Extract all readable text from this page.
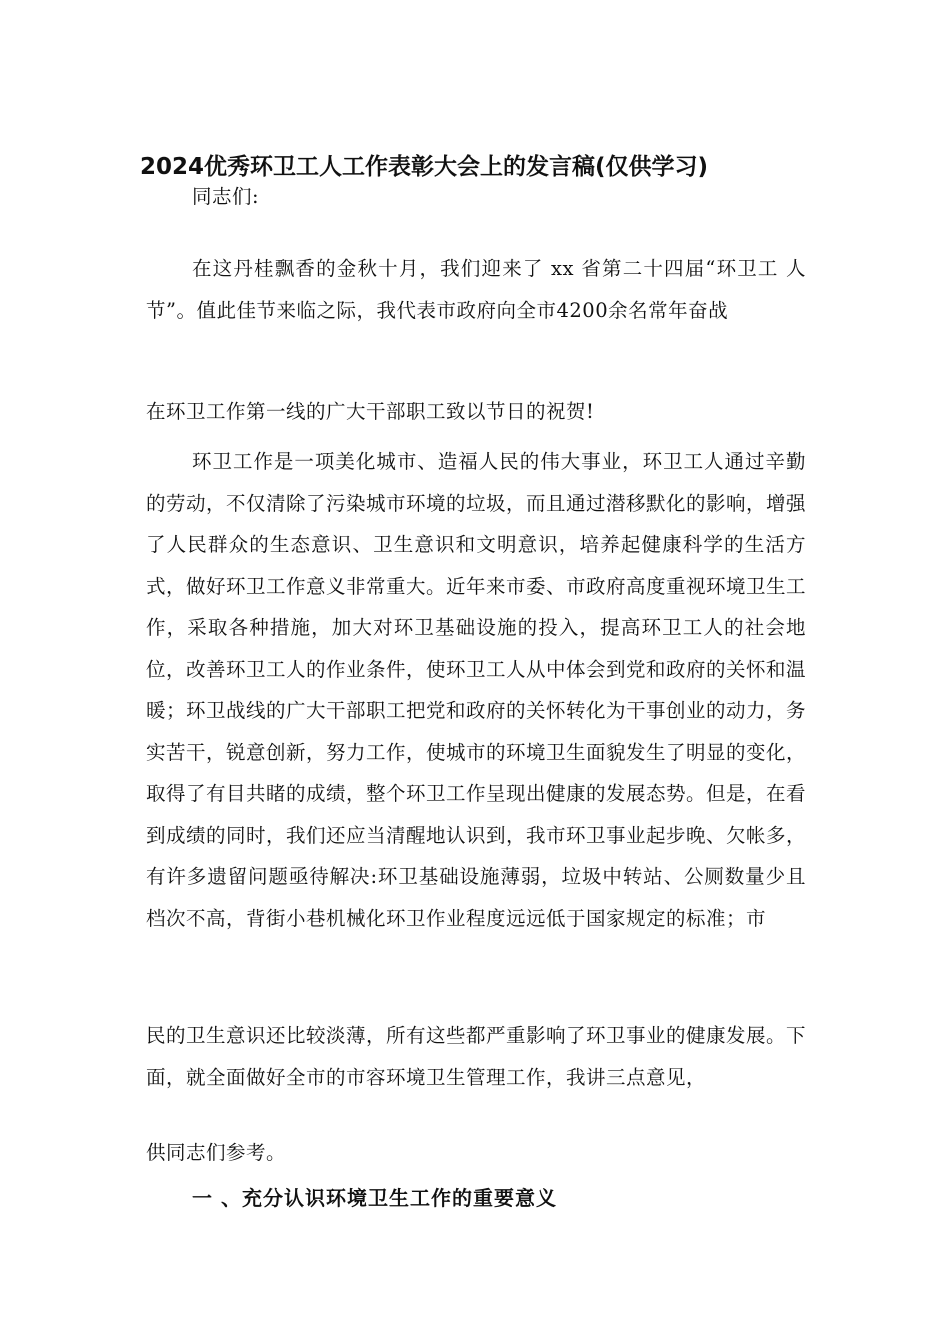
2024优秀环卫工人工作表彰大会上的发言稿(仅供学习)
同志们:
在这丹桂飘香的金秋十月，我们迎来了 xx 省第二十四届“环卫工 人节”。值此佳节来临之际，我代表市政府向全市4200余名常年奋战
在环卫工作第一线的广大干部职工致以节日的祝贺!
环卫工作是一项美化城市、造福人民的伟大事业，环卫工人通过辛勤的劳动，不仅清除了污染城市环境的垃圾，而且通过潜移默化的影响，增强了人民群众的生态意识、卫生意识和文明意识，培养起健康科学的生活方式，做好环卫工作意义非常重大。近年来市委、市政府高度重视环境卫生工作，采取各种措施，加大对环卫基础设施的投入，提高环卫工人的社会地位，改善环卫工人的作业条件，使环卫工人从中体会到党和政府的关怀和温暖；环卫战线的广大干部职工把党和政府的关怀转化为干事创业的动力，务实苦干，锐意创新，努力工作，使城市的环境卫生面貌发生了明显的变化，取得了有目共睹的成绩，整个环卫工作呈现出健康的发展态势。但是，在看到成绩的同时，我们还应当清醒地认识到，我市环卫事业起步晚、欠帐多，有许多遗留问题亟待解决:环卫基础设施薄弱，垃圾中转站、公厕数量少且档次不高，背街小巷机械化环卫作业程度远远低于国家规定的标准；市
民的卫生意识还比较淡薄，所有这些都严重影响了环卫事业的健康发展。下面，就全面做好全市的市容环境卫生管理工作，我讲三点意见，
供同志们参考。
一 、充分认识环境卫生工作的重要意义
